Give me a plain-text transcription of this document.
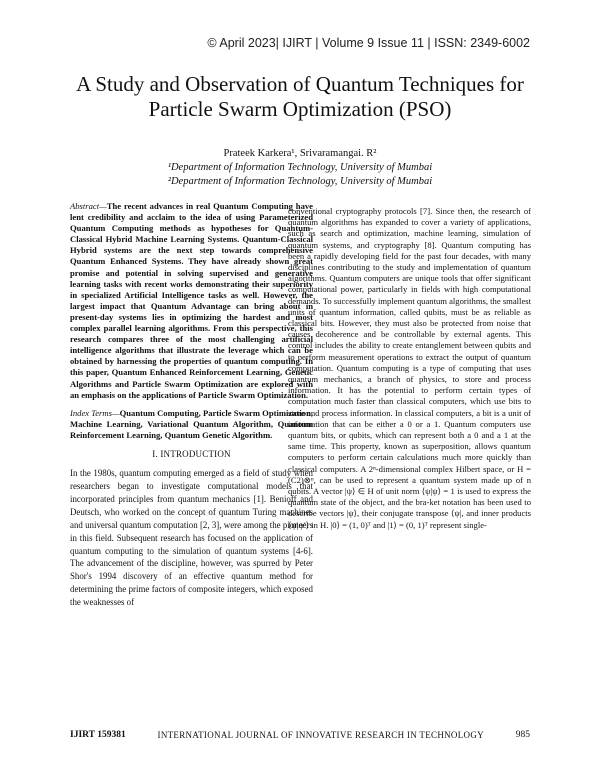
© April 2023| IJIRT | Volume 9 Issue 11 | ISSN: 2349-6002
A Study and Observation of Quantum Techniques for
Particle Swarm Optimization (PSO)
Prateek Karkera¹, Srivaramangai. R²
¹Department of Information Technology, University of Mumbai
²Department of Information Technology, University of Mumbai

Abstract—The recent advances in real Quantum Computing have lent credibility and acclaim to the idea of using Parameterized Quantum Computing methods as hypotheses for Quantum-Classical Hybrid Machine Learning Systems. Quantum-Classical Hybrid systems are the next step towards comprehensive Quantum Enhanced Systems. They have already shown great promise and potential in solving supervised and generative learning tasks with recent works demonstrating their superiority in specialized Artificial Intelligence tasks as well. However, the largest impact that Quantum Advantage can bring about in present-day systems lies in optimizing the hardest and most complex parallel learning algorithms. From this perspective, this research compares three of the most challenging artificial intelligence algorithms that illustrate the leverage which can be obtained by harnessing the properties of quantum computing. In this paper, Quantum Enhanced Reinforcement Learning, Genetic Algorithms and Particle Swarm Optimization are explored with an emphasis on the applications of Particle Swarm Optimization.

Index Terms—Quantum Computing, Particle Swarm Optimization, Machine Learning, Variational Quantum Algorithm, Quantum Reinforcement Learning, Quantum Genetic Algorithm.

I. INTRODUCTION

In the 1980s, quantum computing emerged as a field of study when researchers began to investigate computational models that incorporated principles from quantum mechanics [1]. Benioff and Deutsch, who worked on the concept of quantum Turing machines and universal quantum computation [2, 3], were among the pioneers in this field. Subsequent research has focused on the application of quantum computing to the simulation of quantum systems [4-6]. The advancement of the discipline, however, was spurred by Peter Shor's 1994 discovery of an effective quantum method for determining the prime factors of composite integers, which exposed the weaknesses of

conventional cryptography protocols [7]. Since then, the research of quantum algorithms has expanded to cover a variety of applications, such as search and optimization, machine learning, simulation of quantum systems, and cryptography [8]. Quantum computing has been a rapidly developing field for the past four decades, with many disciplines contributing to the study and implementation of quantum algorithms. Quantum computers are unique tools that offer significant computational power, particularly in fields with high computational demands. To successfully implement quantum algorithms, the smallest units of quantum information, called qubits, must be as reliable as classical bits. However, they must also be protected from noise that causes decoherence and be controllable by external agents. This control includes the ability to create entanglement between qubits and to perform measurement operations to extract the output of quantum computation. Quantum computing is a type of computing that uses quantum mechanics, a branch of physics, to store and process information. It has the potential to perform certain types of computation much faster than classical computers, which use bits to store and process information. In classical computers, a bit is a unit of information that can be either a 0 or a 1. Quantum computers use quantum bits, or qubits, which can represent both a 0 and a 1 at the same time. This property, known as superposition, allows quantum computers to perform certain calculations much more quickly than classical computers. A 2ⁿ-dimensional complex Hilbert space, or H = (C2)⊗ⁿ, can be used to represent a quantum system made up of n qubits. A vector |ψ⟩ ∈ H of unit norm ⟨ψ|ψ⟩ = 1 is used to express the quantum state of the object, and the bra-ket notation has been used to describe vectors |ψ⟩, their conjugate transpose ⟨ψ|, and inner products ⟨ψ|ψ′⟩ in H. |0⟩ = (1, 0)ᵀ and |1⟩ = (0, 1)ᵀ represent single-

IJIRT 159381	INTERNATIONAL JOURNAL OF INNOVATIVE RESEARCH IN TECHNOLOGY	985
